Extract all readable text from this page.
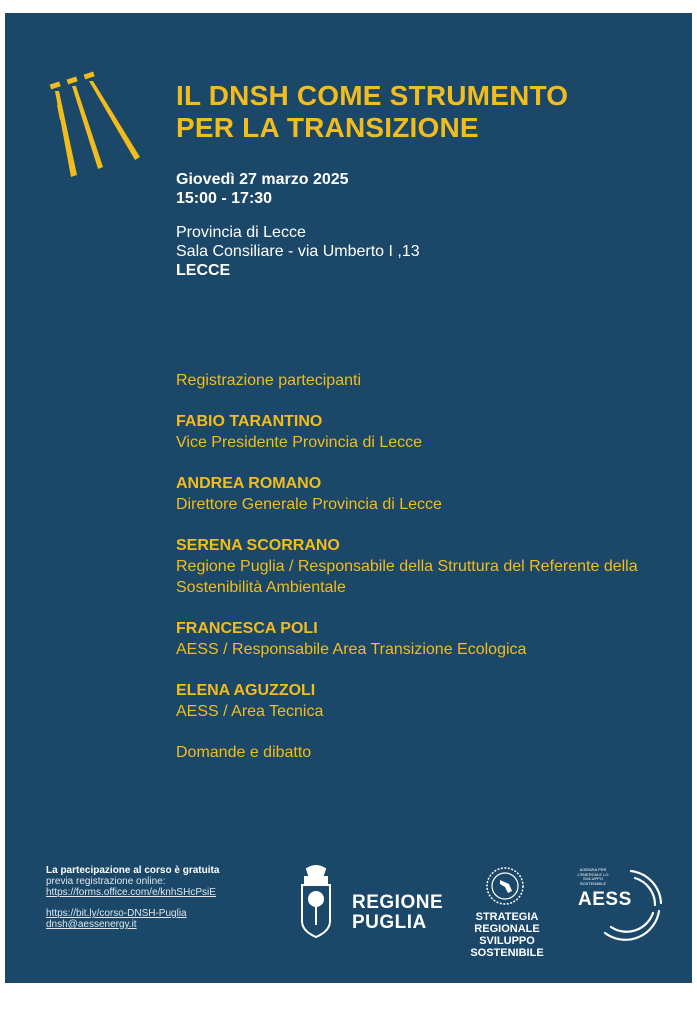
IL DNSH COME STRUMENTO
PER LA TRANSIZIONE
Giovedì 27 marzo 2025
15:00 - 17:30
Provincia di Lecce
Sala Consiliare - via Umberto I ,13
LECCE
Registrazione partecipanti
FABIO TARANTINO
Vice Presidente Provincia di Lecce
ANDREA ROMANO
Direttore Generale Provincia di Lecce
SERENA SCORRANO
Regione Puglia / Responsabile della Struttura del Referente della Sostenibilità Ambientale
FRANCESCA POLI
AESS / Responsabile Area Transizione Ecologica
ELENA AGUZZOLI
AESS / Area Tecnica
Domande e dibatto
La partecipazione al corso è gratuita
previa registrazione online:
https://forms.office.com/e/knhSHcPsiE
https://bit.ly/corso-DNSH-Puglia
dnsh@aessenergy.it
REGIONE
PUGLIA	STRATEGIA REGIONALE
SVILUPPO SOSTENIBILE
AGENZIA PER L'ENERGIA E LO SVILUPPO SOSTENIBILE
AESS
